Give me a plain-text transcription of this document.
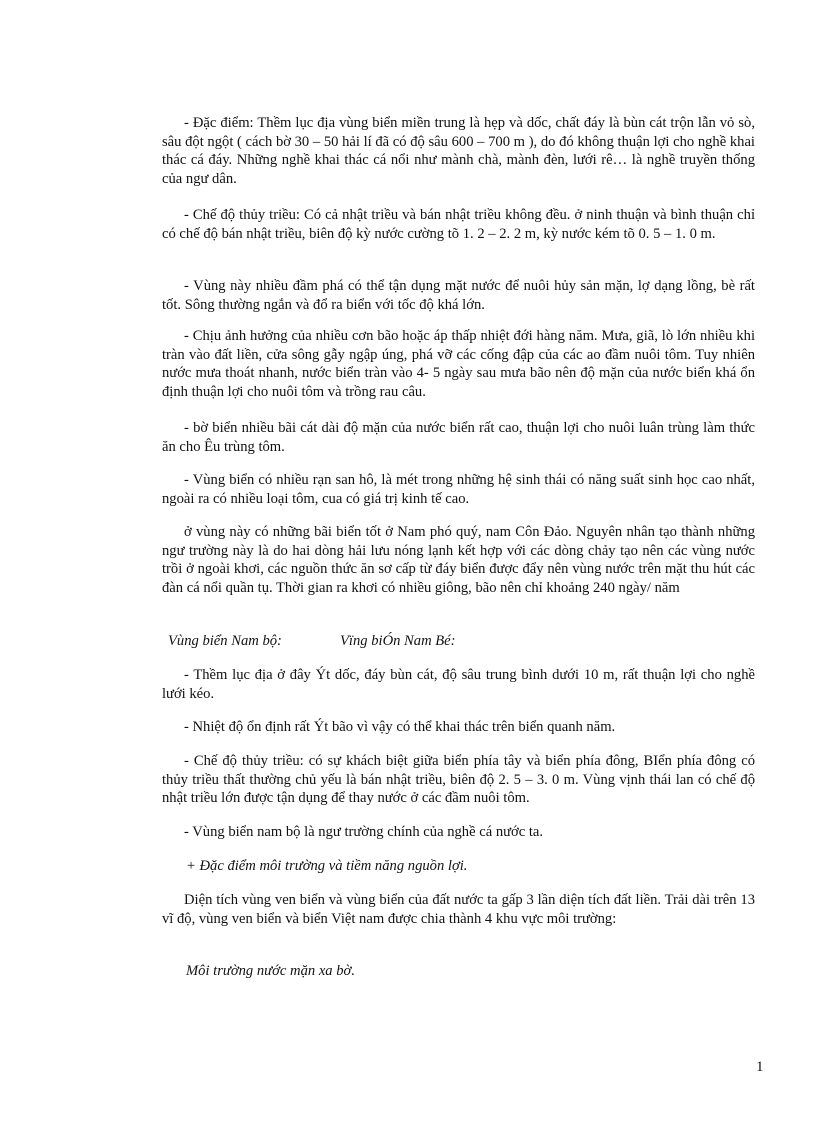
- Đặc điểm: Thềm lục địa vùng biển miền trung là hẹp và dốc, chất đáy là bùn cát trộn lẫn vỏ sò, sâu đột ngột ( cách bờ 30 – 50 hải lí đã có độ sâu 600 – 700 m ), do đó không thuận lợi cho nghề khai thác cá đáy. Những nghề khai thác cá nổi như mành chà, mành đèn, lưới rê… là nghề truyền thống của ngư dân.

- Chế độ thủy triều: Có cả nhật triều và bán nhật triều không đều. ở ninh thuận và bình thuận chỉ có chế độ bán nhật triều, biên độ kỳ nước cường tõ 1. 2 – 2. 2 m, kỳ nước kém tõ 0. 5 – 1. 0 m.

- Vùng này nhiều đầm phá có thể tận dụng mặt nước để nuôi hủy sản mặn, lợ dạng lồng, bè rất tốt. Sông thường ngắn và đổ ra biển với tốc độ khá lớn.

- Chịu ảnh hưởng của nhiều cơn bão hoặc áp thấp nhiệt đới hàng năm. Mưa, giã, lò lớn nhiều khi tràn vào đất liền, cửa sông gẫy ngập úng, phá vỡ các cống đập của các ao đầm nuôi tôm. Tuy nhiên nước mưa thoát nhanh, nước biển tràn vào 4- 5 ngày sau mưa bão nên độ mặn của nước biển khá ổn định thuận lợi cho nuôi tôm và trồng rau câu.

- bờ biển nhiều bãi cát dài độ mặn của nước biển rất cao, thuận lợi cho nuôi luân trùng làm thức ăn cho Êu trùng tôm.

- Vùng biển có nhiều rạn san hô, là mét trong những hệ sinh thái có năng suất sinh học cao nhất, ngoài ra có nhiều loại tôm, cua có giá trị kinh tế cao.

ở vùng này có những bãi biển tốt ở Nam phó quý, nam Côn Đảo. Nguyên nhân tạo thành những ngư trường này là do hai dòng hải lưu nóng lạnh kết hợp với các dòng chảy tạo nên các vùng nước trồi ở ngoài khơi, các nguồn thức ăn sơ cấp từ đáy biển được đẩy nên vùng nước trên mặt thu hút các đàn cá nổi quần tụ. Thời gian ra khơi có nhiều giông, bão nên chỉ khoảng 240 ngày/ năm

Vùng biển Nam bộ:	Vïng biÓn Nam Bé:

- Thềm lục địa ở đây Ýt dốc, đáy bùn cát, độ sâu trung bình dưới 10 m, rất thuận lợi cho nghề lưới kéo.

- Nhiệt độ ổn định rất Ýt bão vì vậy có thể khai thác trên biển quanh năm.

- Chế độ thủy triều: có sự khách biệt giữa biển phía tây và biển phía đông, BIển phía đông có thủy triều thất thường chủ yếu là bán nhật triều, biên độ 2. 5 – 3. 0 m. Vùng vịnh thái lan có chế độ nhật triều lớn được tận dụng để thay nước ở các đầm nuôi tôm.

- Vùng biển nam bộ là ngư trường chính của nghề cá nước ta.

+ Đặc điểm môi trường và tiềm năng nguồn lợi.

Diện tích vùng ven biển và vùng biển của đất nước ta gấp 3 lần diện tích đất liền. Trải dài trên 13 vĩ độ, vùng ven biển và biển Việt nam được chia thành 4 khu vực môi trường:

Môi trường nước mặn xa bờ.
1
